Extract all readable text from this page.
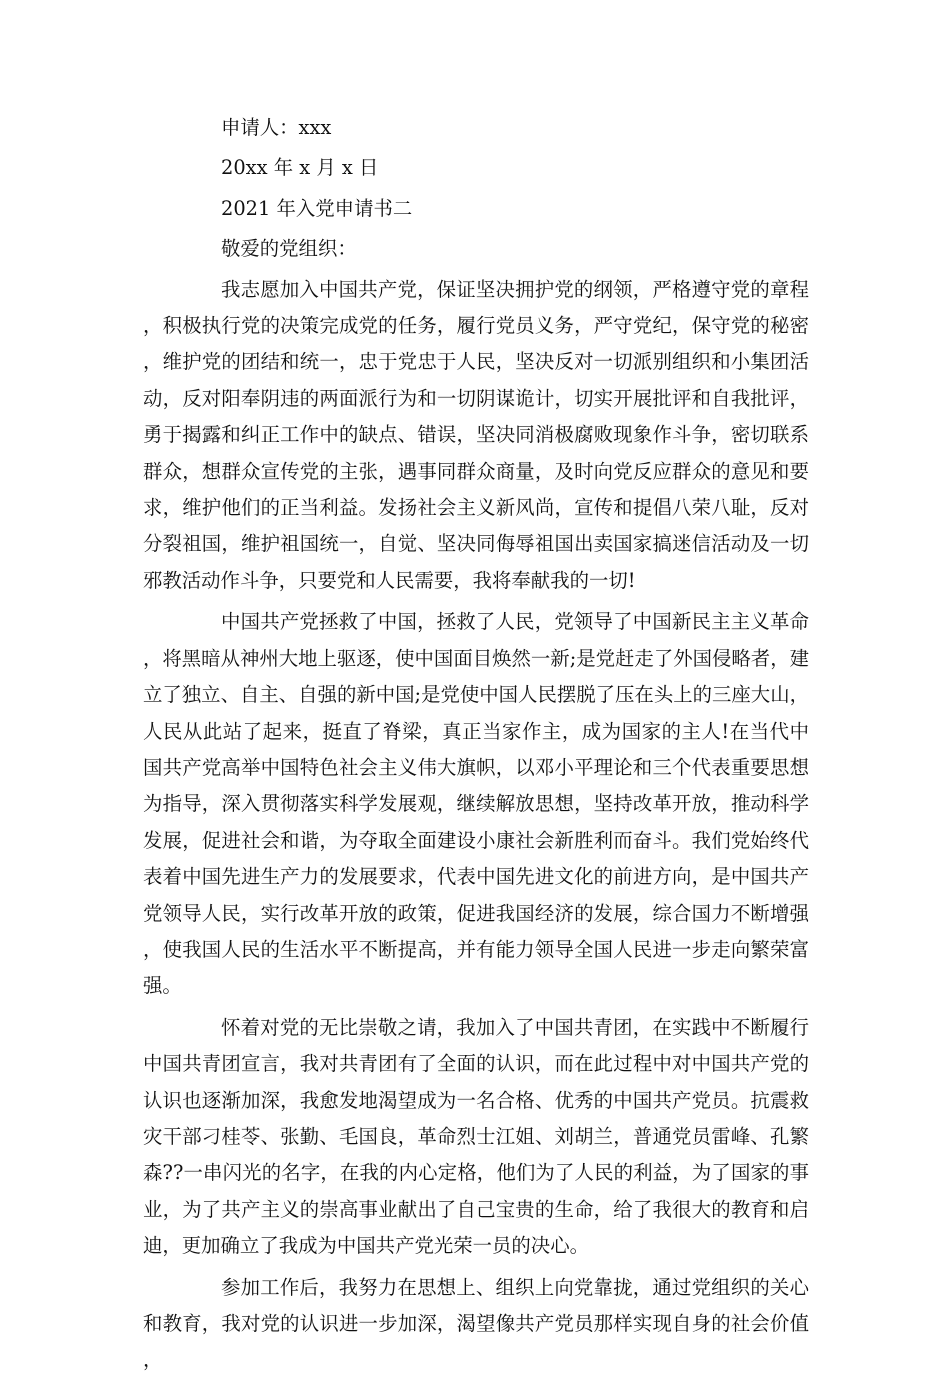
申请人：xxx
20xx 年 x 月 x 日
2021 年入党申请书二
敬爱的党组织：

我志愿加入中国共产党，保证坚决拥护党的纲领，严格遵守党的章程，积极执行党的决策完成党的任务，履行党员义务，严守党纪，保守党的秘密，维护党的团结和统一，忠于党忠于人民，坚决反对一切派别组织和小集团活动，反对阳奉阴违的两面派行为和一切阴谋诡计，切实开展批评和自我批评，勇于揭露和纠正工作中的缺点、错误，坚决同消极腐败现象作斗争，密切联系群众，想群众宣传党的主张，遇事同群众商量，及时向党反应群众的意见和要求，维护他们的正当利益。发扬社会主义新风尚，宣传和提倡八荣八耻，反对分裂祖国，维护祖国统一，自觉、坚决同侮辱祖国出卖国家搞迷信活动及一切邪教活动作斗争，只要党和人民需要，我将奉献我的一切!

中国共产党拯救了中国，拯救了人民，党领导了中国新民主主义革命，将黑暗从神州大地上驱逐，使中国面目焕然一新;是党赶走了外国侵略者，建立了独立、自主、自强的新中国;是党使中国人民摆脱了压在头上的三座大山，人民从此站了起来，挺直了脊梁，真正当家作主，成为国家的主人!在当代中国共产党高举中国特色社会主义伟大旗帜，以邓小平理论和三个代表重要思想为指导，深入贯彻落实科学发展观，继续解放思想，坚持改革开放，推动科学发展，促进社会和谐，为夺取全面建设小康社会新胜利而奋斗。我们党始终代表着中国先进生产力的发展要求，代表中国先进文化的前进方向，是中国共产党领导人民，实行改革开放的政策，促进我国经济的发展，综合国力不断增强，使我国人民的生活水平不断提高，并有能力领导全国人民进一步走向繁荣富强。

怀着对党的无比崇敬之请，我加入了中国共青团，在实践中不断履行中国共青团宣言，我对共青团有了全面的认识，而在此过程中对中国共产党的认识也逐渐加深，我愈发地渴望成为一名合格、优秀的中国共产党员。抗震救灾干部刁桂苓、张勤、毛国良，革命烈士江姐、刘胡兰，普通党员雷峰、孔繁森??一串闪光的名字，在我的内心定格，他们为了人民的利益，为了国家的事业，为了共产主义的崇高事业献出了自己宝贵的生命，给了我很大的教育和启迪，更加确立了我成为中国共产党光荣一员的决心。

参加工作后，我努力在思想上、组织上向党靠拢，通过党组织的关心和教育，我对党的认识进一步加深，渴望像共产党员那样实现自身的社会价值，
